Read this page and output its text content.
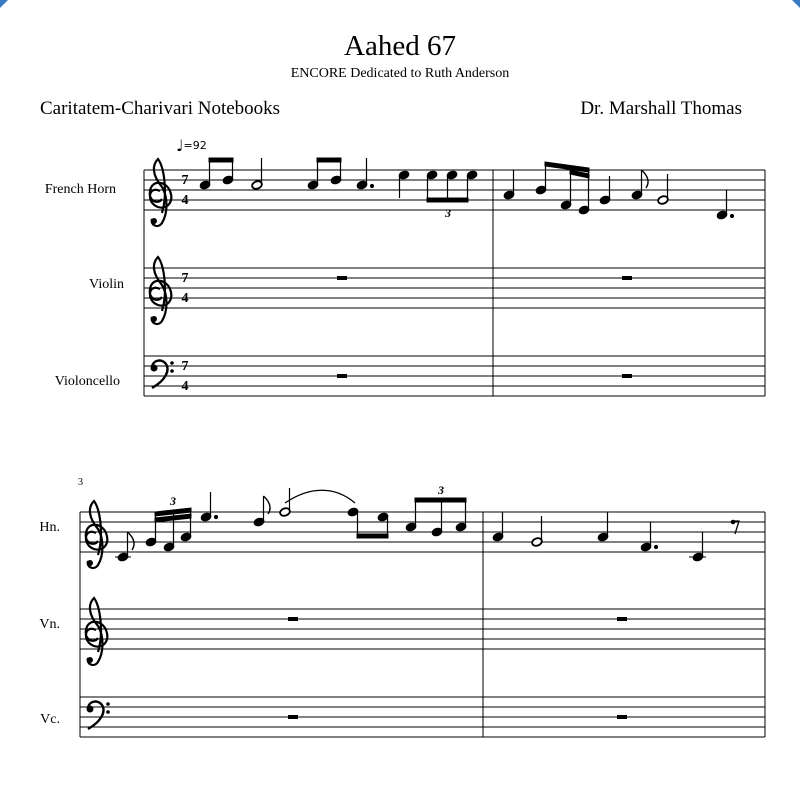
Aahed 67
ENCORE Dedicated to Ruth Anderson
Caritatem-Charivari Notebooks	Dr. Marshall Thomas
♩=92
French Horn
Violin
Violoncello
3
Hn.
Vn.
Vc.
7
4
7
4
7
4
3
3
3
